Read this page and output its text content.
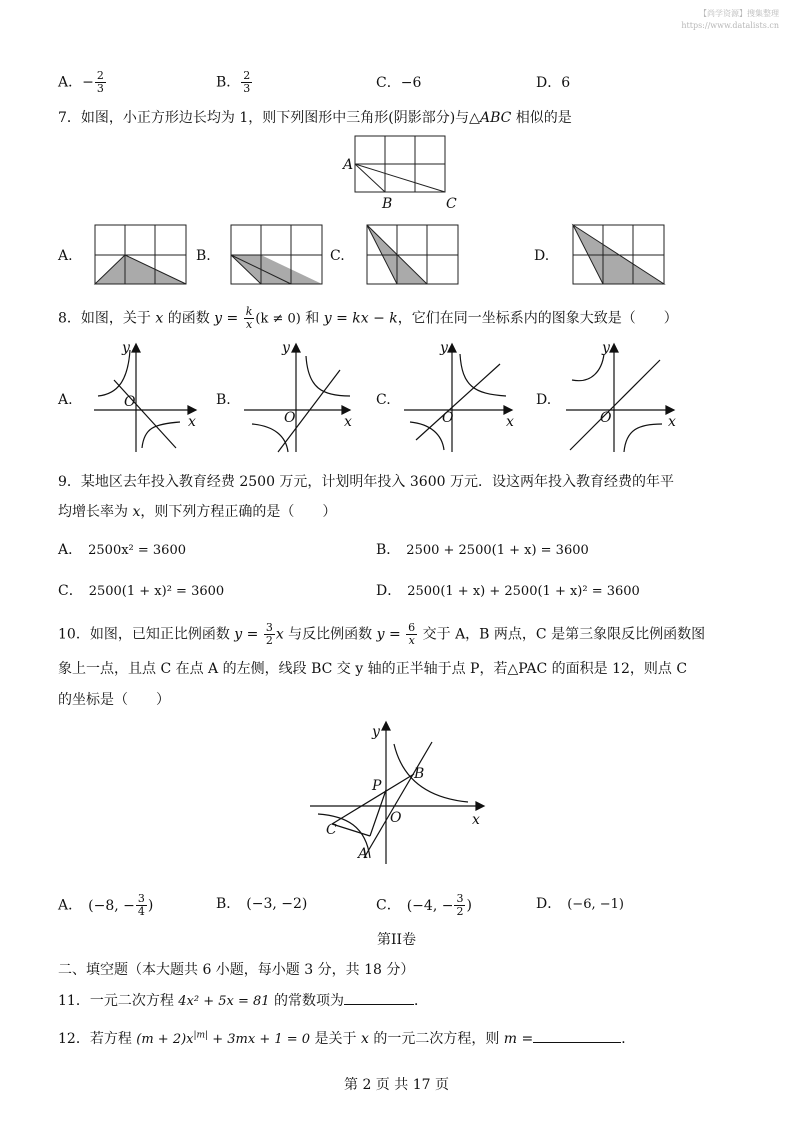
【尚学资源】搜集整理
https://www.datalists.cn
A．− $\frac{2}{3}$	B． $\frac{2}{3}$	C．−6	D．6
7．如图，小正方形边长均为 1，则下列图形中三角形(阴影部分)与△ABC 相似的是
A
B	C
A.	B.	C.	D.
8．如图，关于 x 的函数 $y = \frac{k}{x} (k \ne 0)$ 和 y = kx − k，它们在同一坐标系内的图象大致是（　　）
A.
y
x
O	B.
y
x
O
C.
y
x
O
D.
y
x
O
9．某地区去年投入教育经费 2500 万元，计划明年投入 3600 万元．设这两年投入教育经费的年平
均增长率为 x，则下列方程正确的是（　　）
A． 2500x² = 3600	B． 2500 + 2500(1 + x) = 3600
C． 2500(1 + x)² = 3600	D． 2500(1 + x) + 2500(1 + x)² = 3600
10．如图，已知正比例函数 $y = \frac{3}{2}$ x 与反比例函数 $y = \frac{6}{x}$ 交于 A，B 两点，C 是第三象限反比例函数图
象上一点，且点 C 在点 A 的左侧，线段 BC 交 y 轴的正半轴于点 P，若△PAC 的面积是 12，则点 C
的坐标是（　　）
y
x
O
A
B
C
P
A． (−8, − $\frac{3}{4}$ )	B． (−3, −2)	C． (−4, − $\frac{3}{2}$ )	D． (−6, −1)
第II卷
二、填空题（本大题共 6 小题，每小题 3 分，共 18 分）
11．一元二次方程 4x² + 5x = 81 的常数项为	．
12．若方程 $(m + 2)x^{|m|} + 3mx + 1 = 0$ 是关于 x 的一元二次方程，则 m =	．
第 2 页 共 17 页
